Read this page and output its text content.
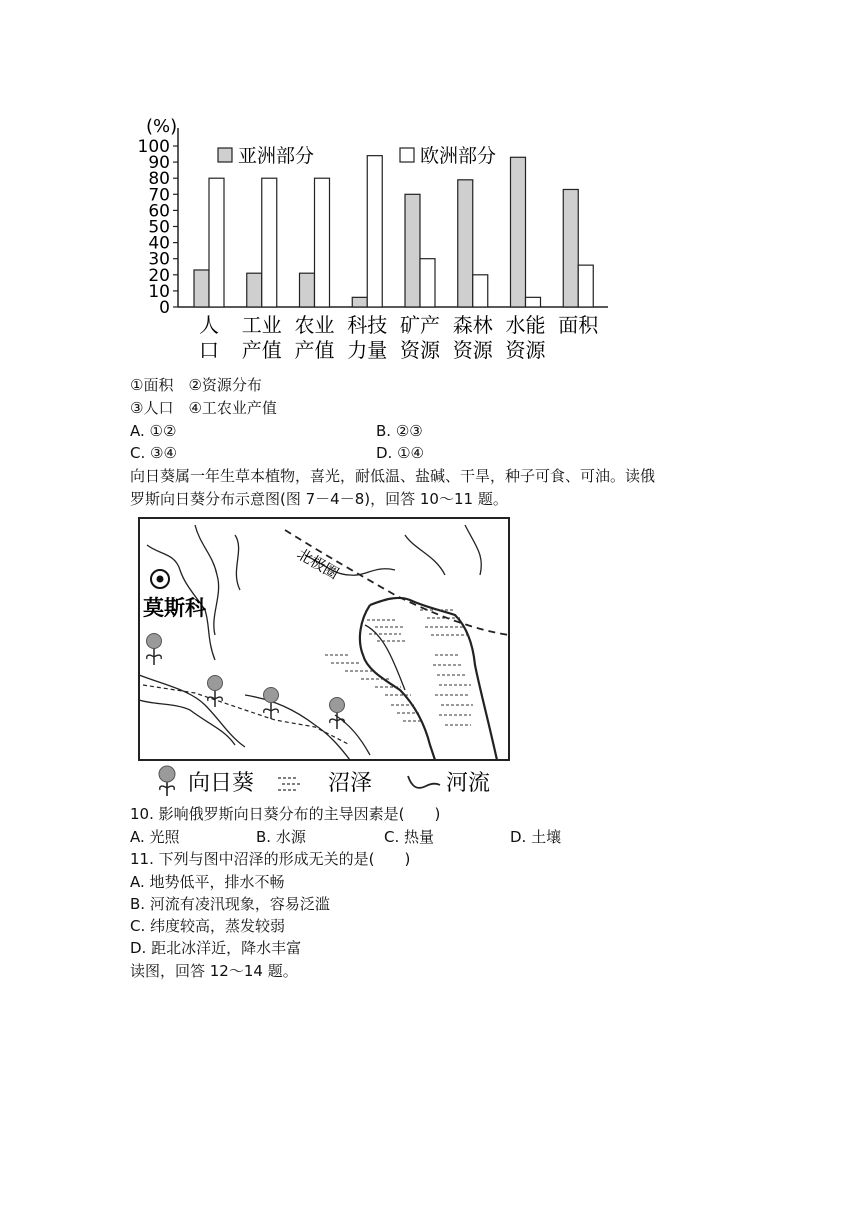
(%)
0
10
20
30
40
50
60
70
80
90
100
人
口
工业
产值
农业
产值
科技
力量
矿产
资源
森林
资源
水能
资源
面积
亚洲部分	欧洲部分
①面积　②资源分布
③人口　④工农业产值
A. ①②	B. ②③
C. ③④	D. ①④
向日葵属一年生草本植物，喜光，耐低温、盐碱、干旱，种子可食、可油。读俄
罗斯向日葵分布示意图(图 7－4－8)，回答 10～11 题。
北极圈
莫斯科
向日葵	沼泽	河流
10. 影响俄罗斯向日葵分布的主导因素是(　　)
A. 光照	B. 水源	C. 热量	D. 土壤
11. 下列与图中沼泽的形成无关的是(　　)
A. 地势低平，排水不畅
B. 河流有凌汛现象，容易泛滥
C. 纬度较高，蒸发较弱
D. 距北冰洋近，降水丰富
读图，回答 12～14 题。
